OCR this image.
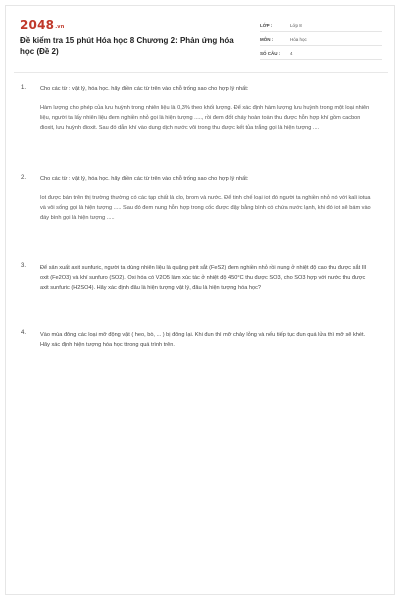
$2048^{.vn}$
Đề kiểm tra 15 phút Hóa học 8 Chương 2: Phản ứng hóa học (Đề 2)
LỚP :	Lớp 8
MÔN :	Hóa học
SỐ CÂU :	4
1. Cho các từ : vật lý, hóa học. hãy điền các từ trên vào chỗ trống sao cho hợp lý nhất:
Hàm lượng cho phép của lưu huỳnh trong nhiên liệu là 0,3% theo khối lượng. Để xác định hàm lượng lưu huỳnh trong một loại nhiên liệu, người ta lấy nhiên liệu đem nghiền nhỏ gọi là hiện tượng ....., rồi đem đốt cháy hoàn toàn thu được hỗn hợp khí gồm cacbon đioxit, lưu huỳnh đioxit. Sau đó dẫn khí vào dung dịch nước vôi trong thu được kết tủa trắng gọi là hiện tượng ....
2. Cho các từ : vật lý, hóa học. hãy điền các từ trên vào chỗ trống sao cho hợp lý nhất:
Iot được bán trên thị trường thường có các tạp chất là clo, brom và nước. Để tinh chế loại iot đó người ta nghiền nhỏ nó với kali iotua và vôi sống gọi là hiện tượng ..... Sau đó đem nung hỗn hợp trong cốc được đậy bằng bình có chứa nước lạnh, khi đó iot sẽ bám vào đáy bình gọi là hiện tượng .....
3. Để sản xuất axit sunfuric, người ta dùng nhiên liệu là quặng pirit sắt (FeS2) đem nghiền nhỏ rồi nung ở nhiệt độ cao thu được sắt III oxit (Fe2O3) và khí sunfuro (SO2). Oxi hóa có V2O5 làm xúc tác ở nhiệt độ 450°C thu được SO3, cho SO3 hợp với nước thu được axit sunfuric (H2SO4). Hãy xác định đâu là hiện tượng vật lý, đâu là hiện tượng hóa học?
4. Vào mùa đông các loại mỡ động vật ( heo, bò, ... ) bị đông lại. Khi đun thì mỡ chảy lỏng và nếu tiếp tục đun quá lửa thì mỡ sẽ khét. Hãy xác định hiện tượng hóa học ttrong quá trình trên.
